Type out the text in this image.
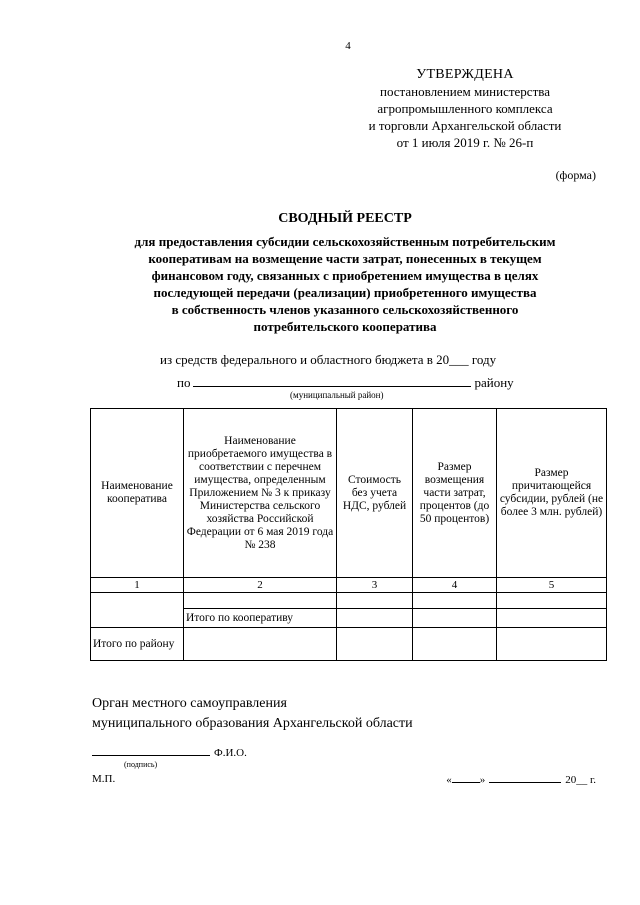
4
УТВЕРЖДЕНА
постановлением министерства
агропромышленного комплекса
и торговли Архангельской области
от 1 июля 2019 г. № 26-п
(форма)
СВОДНЫЙ РЕЕСТР
для предоставления субсидии сельскохозяйственным потребительским
кооперативам на возмещение части затрат, понесенных в текущем
финансовом году, связанных с приобретением имущества в целях
последующей передачи (реализации) приобретенного имущества
в собственность членов указанного сельскохозяйственного
потребительского кооператива
из средств федерального и областного бюджета в 20___ году
по	району
(муниципальный район)
Наименование кооператива	Наименование приобретаемого имущества в соответствии с перечнем имущества, определенным Приложением № 3 к приказу Министерства сельского хозяйства Российской Федерации от 6 мая 2019 года № 238	Стоимость без учета НДС, рублей	Размер возмещения части затрат, процентов (до 50 процентов)	Размер причитающейся субсидии, рублей (не более 3 млн. рублей)
1	2	3	4	5

	Итого по кооперативу			
Итого по району				
Орган местного самоуправления
муниципального образования Архангельской области
Ф.И.О.
(подпись)
М.П.	«	»	20__ г.
